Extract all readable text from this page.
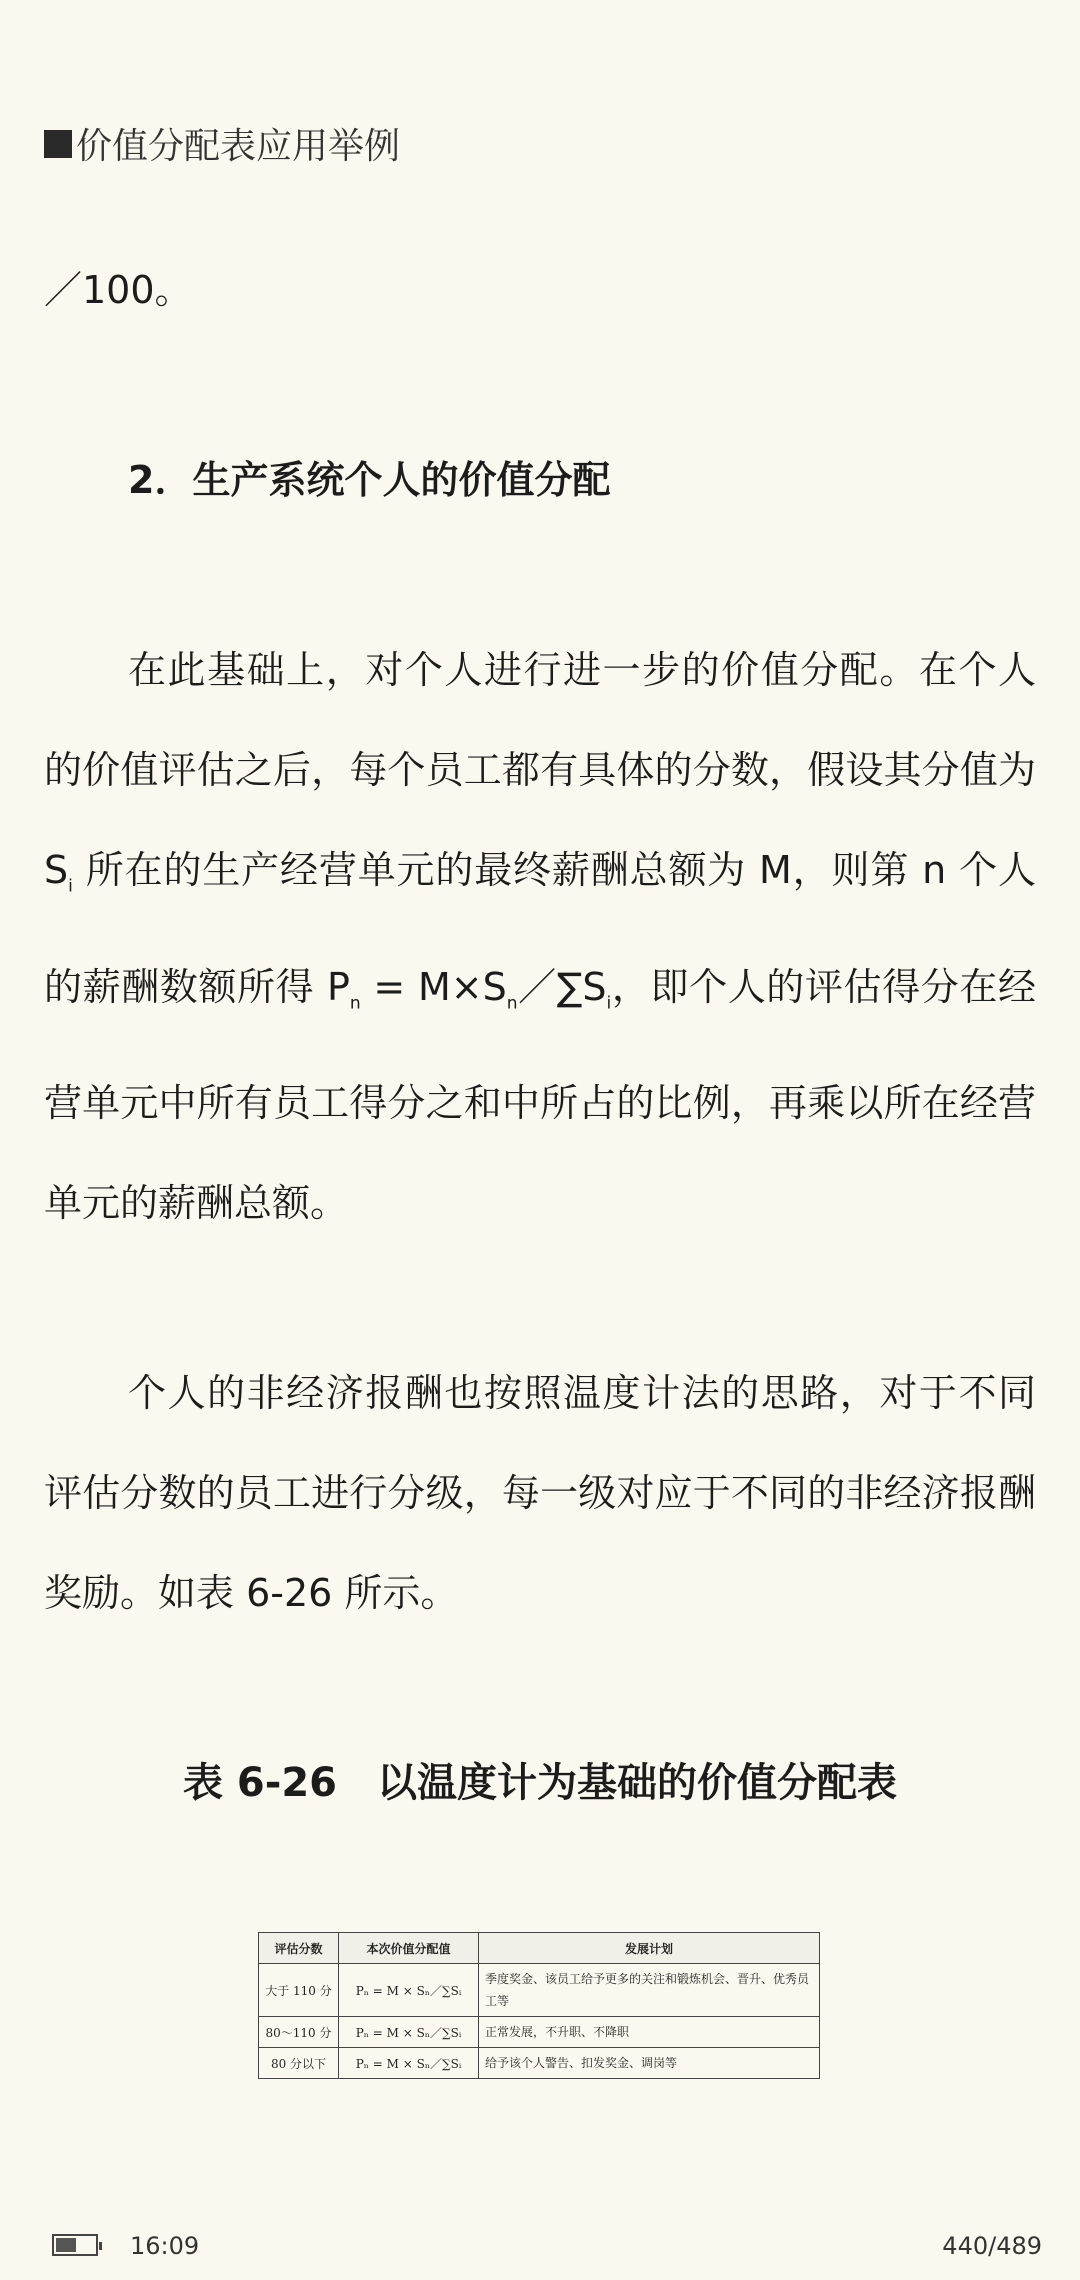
价值分配表应用举例

／100。

2．生产系统个人的价值分配

在此基础上，对个人进行进一步的价值分配。在个人的价值评估之后，每个员工都有具体的分数，假设其分值为 $S_i$ 所在的生产经营单元的最终薪酬总额为 M，则第 n 个人的薪酬数额所得 $P_n$ = $M\times S_n/\sum S_i$，即个人的评估得分在经营单元中所有员工得分之和中所占的比例，再乘以所在经营单元的薪酬总额。

个人的非经济报酬也按照温度计法的思路，对于不同评估分数的员工进行分级，每一级对应于不同的非经济报酬奖励。如表 6-26 所示。

表 6-26　以温度计为基础的价值分配表

评估分数	本次价值分配值	发展计划
大于 110 分	Pₙ = M × Sₙ／∑Sᵢ	季度奖金、该员工给予更多的关注和锻炼机会、晋升、优秀员工等
80～110 分	Pₙ = M × Sₙ／∑Sᵢ	正常发展，不升职、不降职
80 分以下	Pₙ = M × Sₙ／∑Sᵢ	给予该个人警告、扣发奖金、调岗等
16:09	440/489
